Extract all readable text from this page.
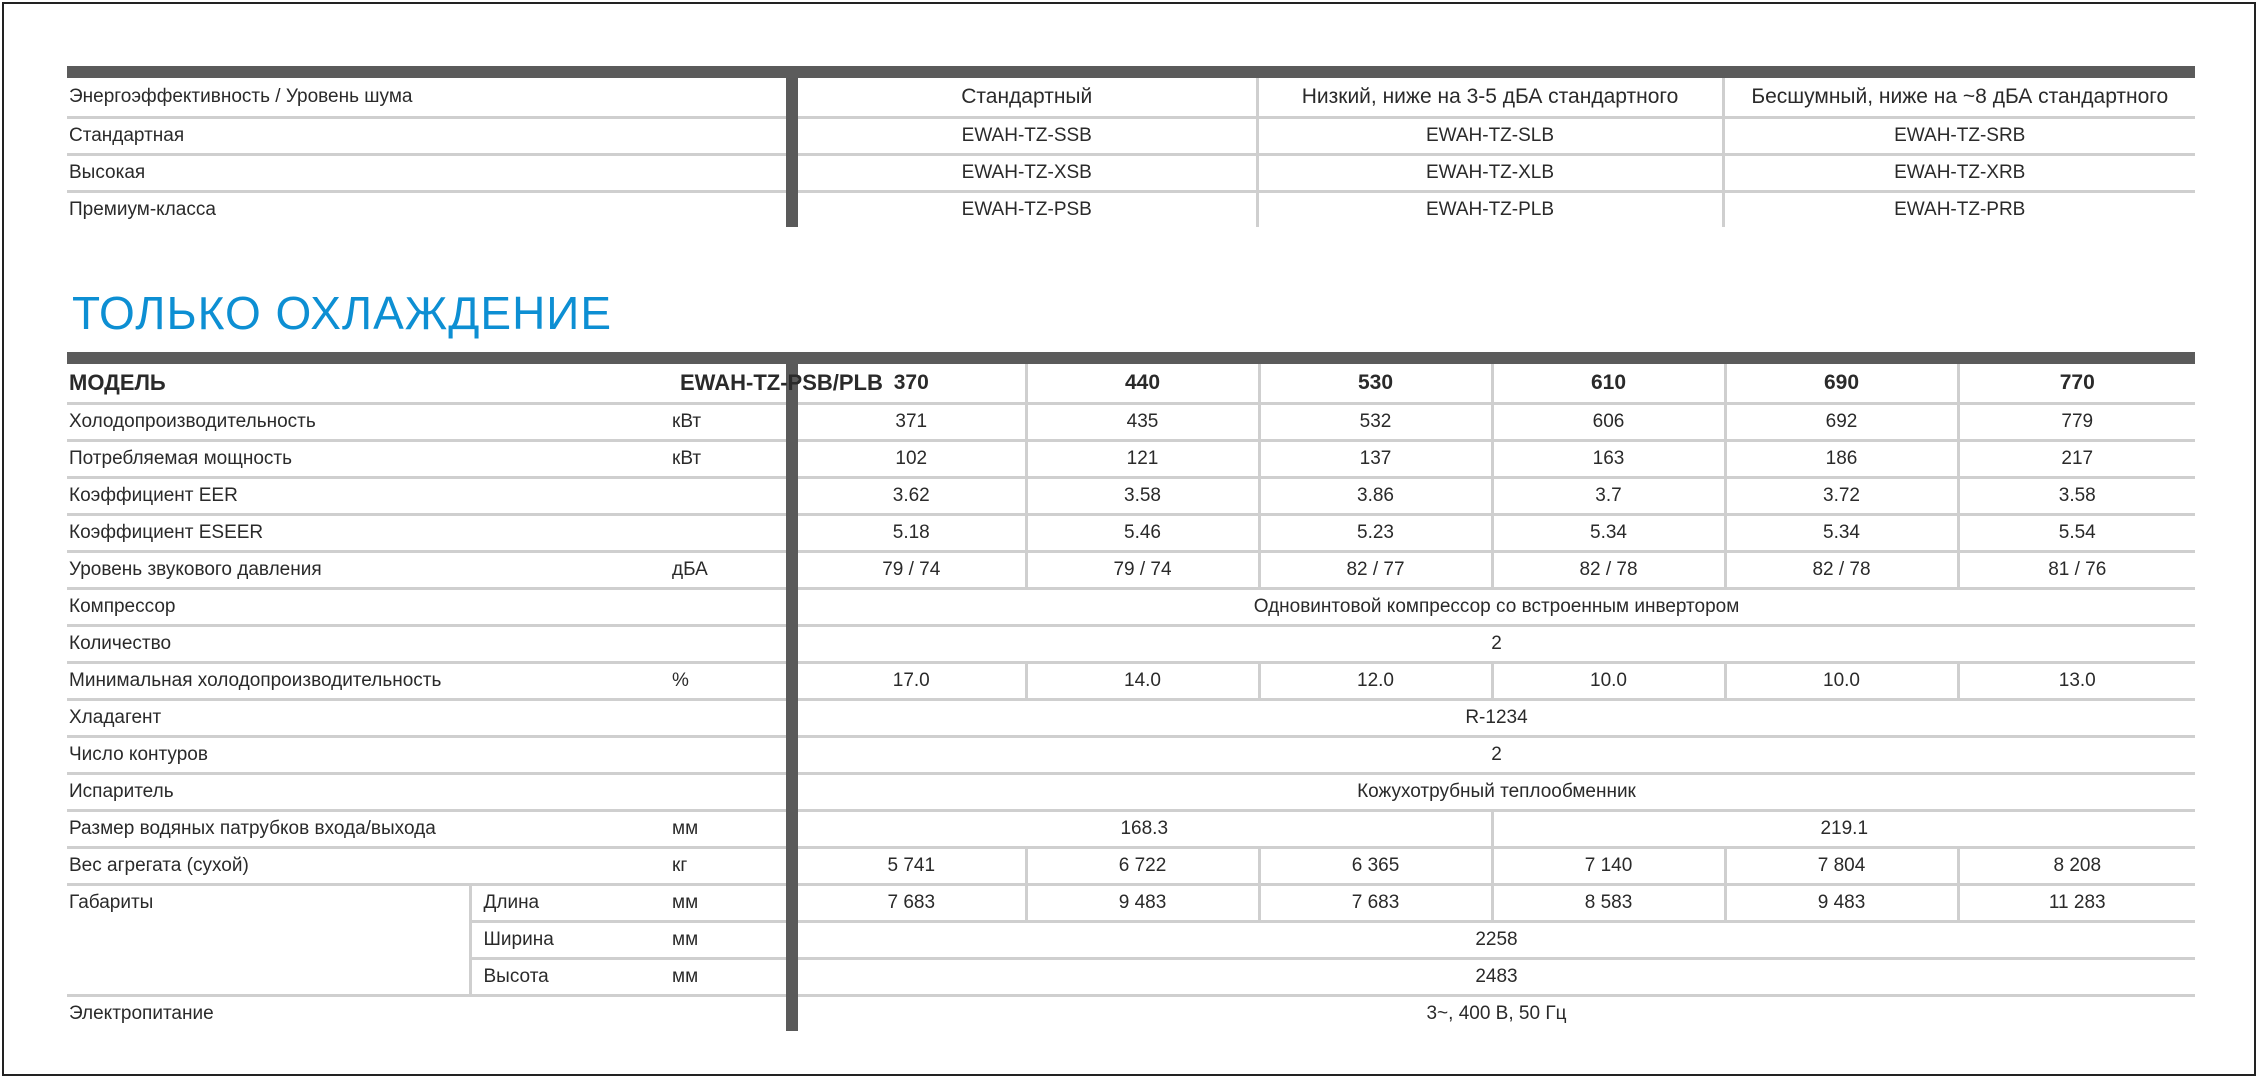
Энергоэффективность / Уровень шума	Стандартный	Низкий, ниже на 3-5 дБА стандартного	Бесшумный, ниже на ~8 дБА стандартного
Стандартная	EWAH-TZ-SSB	EWAH-TZ-SLB	EWAH-TZ-SRB
Высокая	EWAH-TZ-XSB	EWAH-TZ-XLB	EWAH-TZ-XRB
Премиум-класса	EWAH-TZ-PSB	EWAH-TZ-PLB	EWAH-TZ-PRB
ТОЛЬКО ОХЛАЖДЕНИЕ
МОДЕЛЬ	EWAH-TZ-PSB/PLB	370	440	530	610	690	770
Холодопроизводительность	кВт	371	435	532	606	692	779
Потребляемая мощность	кВт	102	121	137	163	186	217
Коэффициент EER	3.62	3.58	3.86	3.7	3.72	3.58
Коэффициент ESEER	5.18	5.46	5.23	5.34	5.34	5.54
Уровень звукового давления	дБА	79 / 74	79 / 74	82 / 77	82 / 78	82 / 78	81 / 76
Компрессор	Одновинтовой компрессор со встроенным инвертором
Количество	2
Минимальная холодопроизводительность	%	17.0	14.0	12.0	10.0	10.0	13.0
Хладагент	R-1234
Число контуров	2
Испаритель	Кожухотрубный теплообменник
Размер водяных патрубков входа/выхода	мм	168.3	219.1
Вес агрегата (сухой)	кг	5 741	6 722	6 365	7 140	7 804	8 208
Габариты	Длина	мм	7 683	9 483	7 683	8 583	9 483	11 283
Ширина	мм	2258
Высота	мм	2483
Электропитание	3~, 400 В, 50 Гц
